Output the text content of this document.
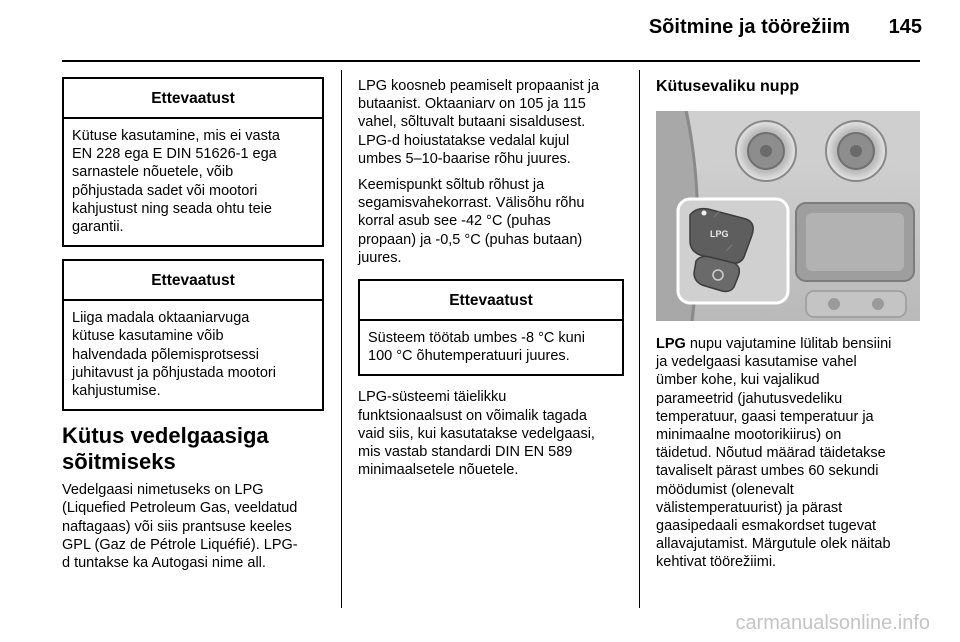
Sõitmine ja töörežiim	145
Ettevaatust
Kütuse kasutamine, mis ei vasta
EN 228 ega E DIN 51626-1 ega
sarnastele nõuetele, võib
põhjustada sadet või mootori
kahjustust ning seada ohtu teie
garantii.
Ettevaatust
Liiga madala oktaaniarvuga
kütuse kasutamine võib
halvendada põlemisprotsessi
juhitavust ja põhjustada mootori
kahjustumise.
Kütus vedelgaasiga
sõitmiseks
Vedelgaasi nimetuseks on LPG
(Liquefied Petroleum Gas, veeldatud
naftagaas) või siis prantsuse keeles
GPL (Gaz de Pétrole Liquéfié). LPG-
d tuntakse ka Autogasi nime all.
LPG koosneb peamiselt propaanist ja
butaanist. Oktaaniarv on 105 ja 115
vahel, sõltuvalt butaani sisaldusest.
LPG-d hoiustatakse vedalal kujul
umbes 5–10-baarise rõhu juures.
Keemispunkt sõltub rõhust ja
segamisvahekorrast. Välisõhu rõhu
korral asub see -42 °C (puhas
propaan) ja -0,5 °C (puhas butaan)
juures.
Ettevaatust
Süsteem töötab umbes -8 °C kuni
100 °C õhutemperatuuri juures.
LPG-süsteemi täielikku
funktsionaalsust on võimalik tagada
vaid siis, kui kasutatakse vedelgaasi,
mis vastab standardi DIN EN 589
minimaalsetele nõuetele.
Kütusevaliku nupp
LPG
LPG nupu vajutamine lülitab bensiini
ja vedelgaasi kasutamise vahel
ümber kohe, kui vajalikud
parameetrid (jahutusvedeliku
temperatuur, gaasi temperatuur ja
minimaalne mootorikiirus) on
täidetud. Nõutud määrad täidetakse
tavaliselt pärast umbes 60 sekundi
möödumist (olenevalt
välistemperatuurist) ja pärast
gaasipedaali esmakordset tugevat
allavajutamist. Märgutule olek näitab
kehtivat töörežiimi.
carmanualsonline.info
